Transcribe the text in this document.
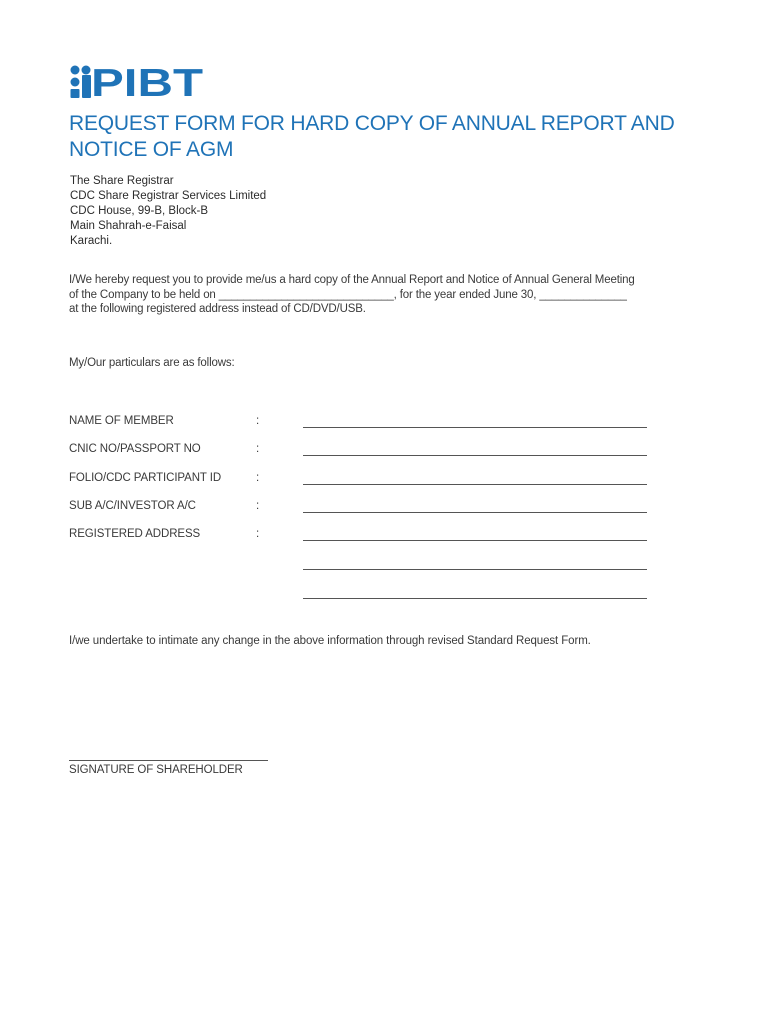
PIBT
REQUEST FORM FOR HARD COPY OF ANNUAL REPORT AND
NOTICE OF AGM
The Share Registrar
CDC Share Registrar Services Limited
CDC House, 99-B, Block-B
Main Shahrah-e-Faisal
Karachi.
I/We hereby request you to provide me/us a hard copy of the Annual Report and Notice of Annual General Meeting
of the Company to be held on ____________________________, for the year ended June 30, ______________
at the following registered address instead of CD/DVD/USB.
My/Our particulars are as follows:
NAME OF MEMBER	:
CNIC NO/PASSPORT NO	:
FOLIO/CDC PARTICIPANT ID	:
SUB A/C/INVESTOR A/C	:
REGISTERED ADDRESS	:
I/we undertake to intimate any change in the above information through revised Standard Request Form.
SIGNATURE OF SHAREHOLDER
